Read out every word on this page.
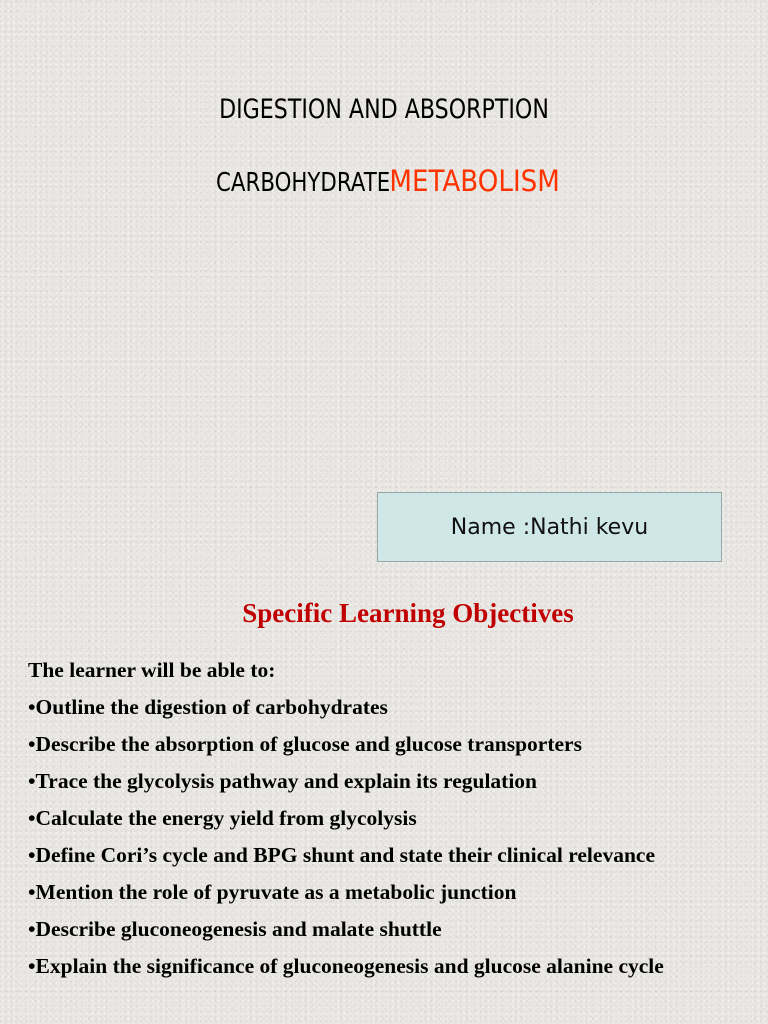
DIGESTION AND ABSORPTION
CARBOHYDRATE METABOLISM
Name :Nathi kevu
Specific Learning Objectives
The learner will be able to:
•Outline the digestion of carbohydrates
•Describe the absorption of glucose and glucose transporters
•Trace the glycolysis pathway and explain its regulation
•Calculate the energy yield from glycolysis
•Define Cori’s cycle and BPG shunt and state their clinical relevance
•Mention the role of pyruvate as a metabolic junction
•Describe gluconeogenesis and malate shuttle
•Explain the significance of gluconeogenesis and glucose alanine cycle
